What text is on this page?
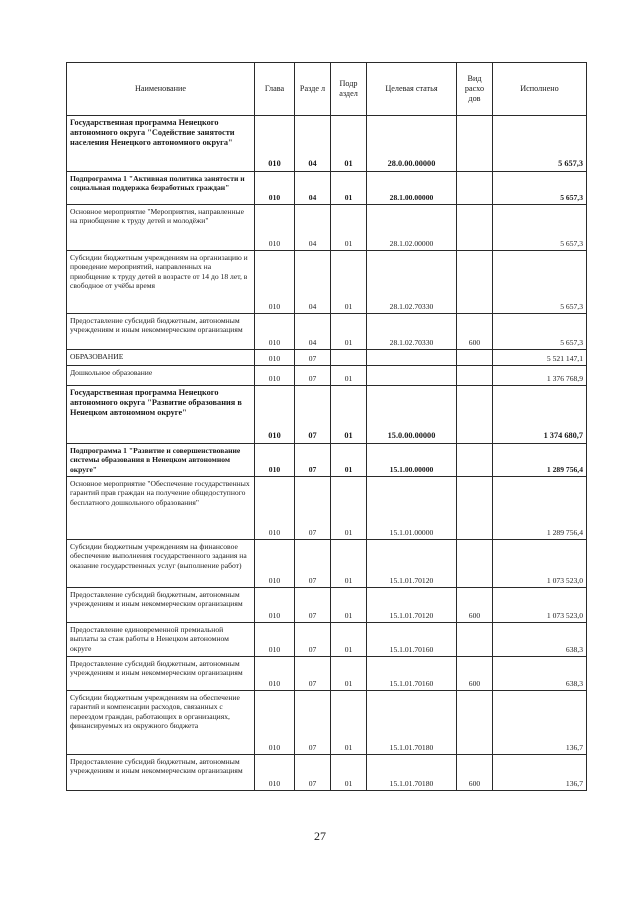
Наименование	Глава	Разде л	Подр аздел	Целевая статья	Вид расхо дов	Исполнено
Государственная программа Ненецкого автономного округа "Содействие занятости населения Ненецкого автономного округа"	010	04	01	28.0.00.00000		5 657,3
Подпрограмма 1 "Активная политика занятости и социальная поддержка безработных граждан"	010	04	01	28.1.00.00000		5 657,3
Основное мероприятие "Мероприятия, направленные на приобщение к труду детей и молодёжи"	010	04	01	28.1.02.00000		5 657,3
Субсидии бюджетным учреждениям на организацию и проведение мероприятий, направленных на приобщение к труду детей в возрасте от 14 до 18 лет, в свободное от учёбы время	010	04	01	28.1.02.70330		5 657,3
Предоставление субсидий бюджетным, автономным учреждениям и иным некоммерческим организациям	010	04	01	28.1.02.70330	600	5 657,3
ОБРАЗОВАНИЕ	010	07				5 521 147,1
Дошкольное образование	010	07	01			1 376 768,9
Государственная программа Ненецкого автономного округа "Развитие образования в Ненецком автономном округе"	010	07	01	15.0.00.00000		1 374 680,7
Подпрограмма 1 "Развитие и совершенствование системы образования в Ненецком автономном округе"	010	07	01	15.1.00.00000		1 289 756,4
Основное мероприятие "Обеспечение государственных гарантий прав граждан на получение общедоступного бесплатного дошкольного образования"	010	07	01	15.1.01.00000		1 289 756,4
Субсидии бюджетным учреждениям на финансовое обеспечение выполнения государственного задания на оказание государственных услуг (выполнение работ)	010	07	01	15.1.01.70120		1 073 523,0
Предоставление субсидий бюджетным, автономным учреждениям и иным некоммерческим организациям	010	07	01	15.1.01.70120	600	1 073 523,0
Предоставление единовременной премиальной выплаты за стаж работы в Ненецком автономном округе	010	07	01	15.1.01.70160		638,3
Предоставление субсидий бюджетным, автономным учреждениям и иным некоммерческим организациям	010	07	01	15.1.01.70160	600	638,3
Субсидии бюджетным учреждениям на обеспечение гарантий и компенсации расходов, связанных с переездом граждан, работающих в организациях, финансируемых из окружного бюджета	010	07	01	15.1.01.70180		136,7
Предоставление субсидий бюджетным, автономным учреждениям и иным некоммерческим организациям	010	07	01	15.1.01.70180	600	136,7
27
